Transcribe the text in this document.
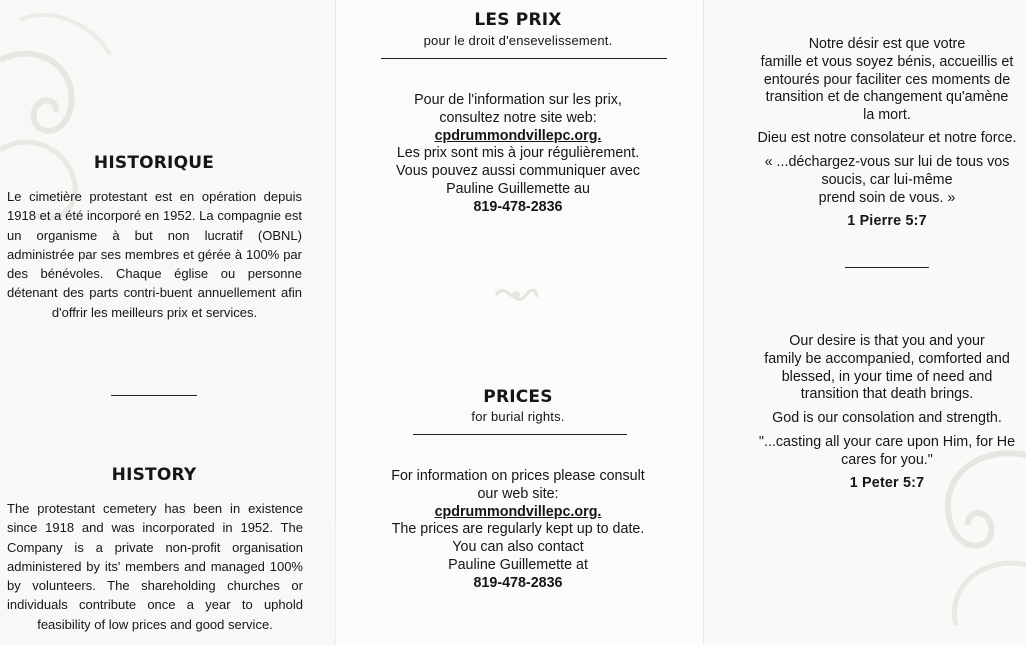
HISTORIQUE

Le cimetière protestant est en opération depuis 1918 et a été incorporé en 1952. La compagnie est un organisme à but non lucratif (OBNL) administrée par ses membres et gérée à 100% par des bénévoles. Chaque église ou personne détenant des parts contri-buent annuellement afin d'offrir les meilleurs prix et services.

HISTORY

The protestant cemetery has been in existence since 1918 and was incorporated in 1952. The Company is a private non-profit organisation administered by its' members and managed 100% by volunteers. The shareholding churches or individuals contribute once a year to uphold feasibility of low prices and good service.

LES PRIX
pour le droit d'ensevelissement.
Pour de l'information sur les prix,
consultez notre site web:
cpdrummondvillepc.org.
Les prix sont mis à jour régulièrement.
Vous pouvez aussi communiquer avec
Pauline Guillemette au
819-478-2836
PRICES
for burial rights.
For information on prices please consult
our web site:
cpdrummondvillepc.org.
The prices are regularly kept up to date.
You can also contact
Pauline Guillemette at
819-478-2836
Notre désir est que votre
famille et vous soyez bénis, accueillis et
entourés pour faciliter ces moments de
transition et de changement qu'amène
la mort.
Dieu est notre consolateur et notre force.
« ...déchargez-vous sur lui de tous vos
soucis, car lui-même
prend soin de vous. »
1 Pierre 5:7
Our desire is that you and your
family be accompanied, comforted and
blessed, in your time of need and
transition that death brings.
God is our consolation and strength.
"...casting all your care upon Him, for He
cares for you."
1 Peter 5:7
